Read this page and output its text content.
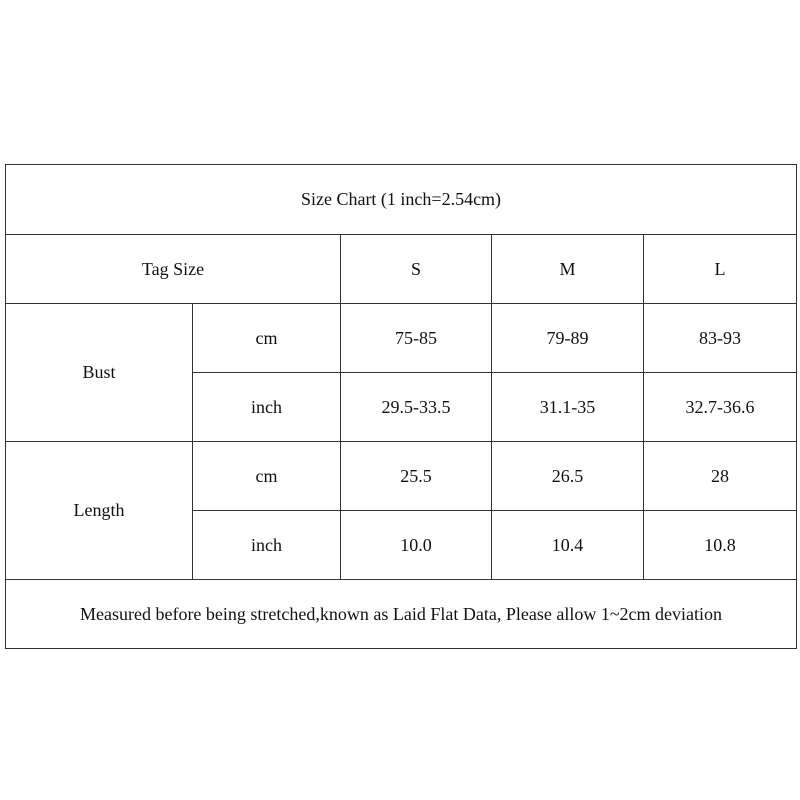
Size Chart (1 inch=2.54cm)				
Tag Size		S	M	L
Bust	cm	75-85	79-89	83-93
	inch	29.5-33.5	31.1-35	32.7-36.6
Length	cm	25.5	26.5	28
	inch	10.0	10.4	10.8
Measured before being stretched,known as Laid Flat Data, Please allow 1~2cm deviation				
